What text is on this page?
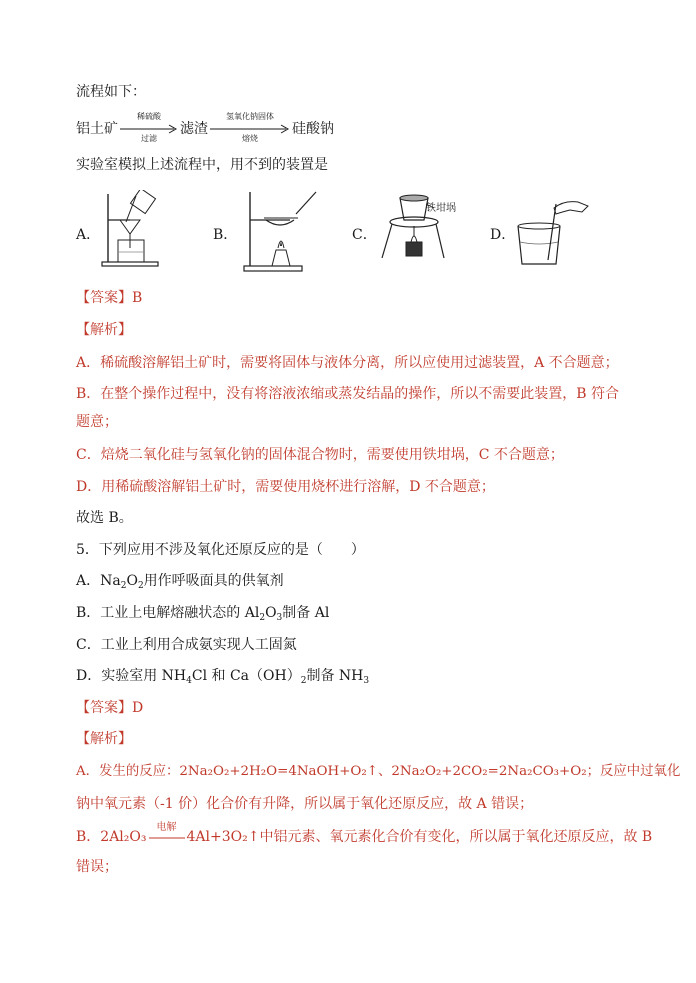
流程如下：
铝土矿
稀硫酸
过滤
滤渣
氢氧化钠固体
熔烧
硅酸钠
实验室模拟上述流程中，用不到的装置是
A．	B．	C．	D．
铁坩埚
【答案】B
【解析】
A．稀硫酸溶解铝土矿时，需要将固体与液体分离，所以应使用过滤装置，A 不合题意；
B．在整个操作过程中，没有将溶液浓缩或蒸发结晶的操作，所以不需要此装置，B 符合
题意；
C．焙烧二氧化硅与氢氧化钠的固体混合物时，需要使用铁坩埚，C 不合题意；
D．用稀硫酸溶解铝土矿时，需要使用烧杯进行溶解，D 不合题意；
故选 B。
5．下列应用不涉及氧化还原反应的是（　　）
A．$Na_2O_2$用作呼吸面具的供氧剂
B．工业上电解熔融状态的 $Al_2O_3$制备 Al
C．工业上利用合成氨实现人工固氮
D．实验室用 $NH_4Cl$ 和 $Ca(OH)_2$制备 $NH_3$
【答案】D
【解析】
A．发生的反应：2Na₂O₂+2H₂O=4NaOH+O₂↑、2Na₂O₂+2CO₂=2Na₂CO₃+O₂；反应中过氧化
钠中氧元素（-1 价）化合价有升降，所以属于氧化还原反应，故 A 错误；
B．2Al₂O₃
电解
4Al+3O₂↑中铝元素、氧元素化合价有变化，所以属于氧化还原反应，故 B
错误；
